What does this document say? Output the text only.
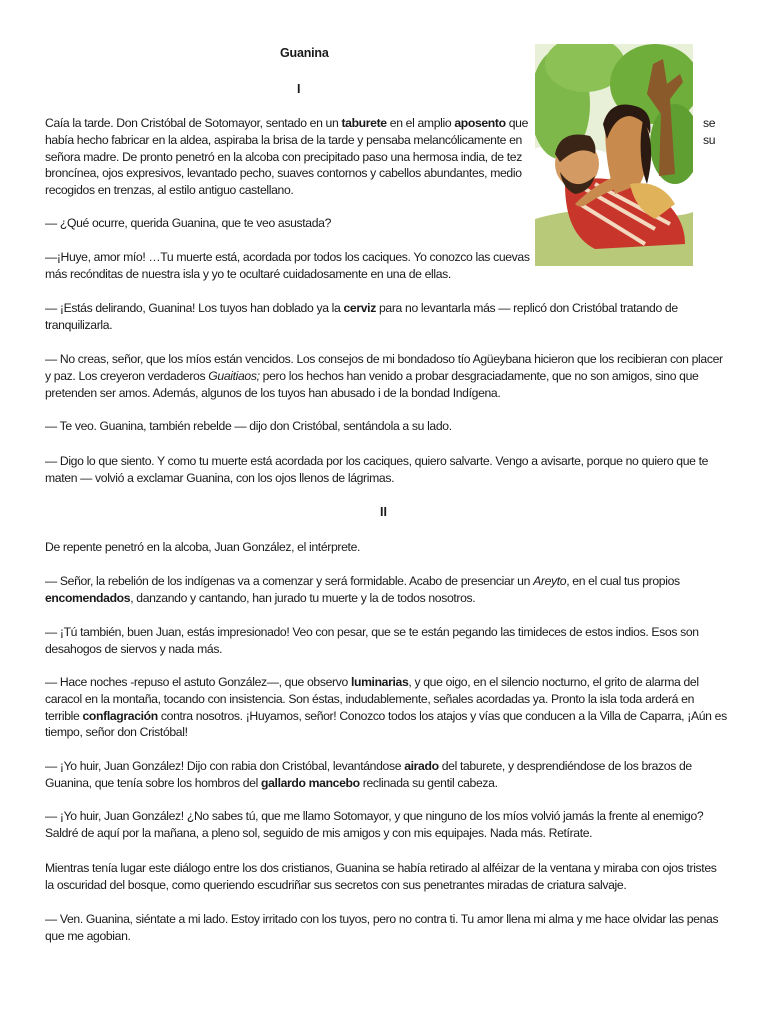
Guanina
I
Caía la tarde. Don Cristóbal de Sotomayor, sentado en un taburete en el amplio aposento que	se
había hecho fabricar en la aldea, aspiraba la brisa de la tarde y pensaba melancólicamente en	su
señora madre. De pronto penetró en la alcoba con precipitado paso una hermosa india, de tez
broncínea, ojos expresivos, levantado pecho, suaves contornos y cabellos abundantes, medio
recogidos en trenzas, al estilo antiguo castellano.
— ¿Qué ocurre, querida Guanina, que te veo asustada?
—¡Huye, amor mío! …Tu muerte está, acordada por todos los caciques. Yo conozco las cuevas
más recónditas de nuestra isla y yo te ocultaré cuidadosamente en una de ellas.
— ¡Estás delirando, Guanina! Los tuyos han doblado ya la cerviz para no levantarla más — replicó don Cristóbal tratando de
tranquilizarla.
— No creas, señor, que los míos están vencidos. Los consejos de mi bondadoso tío Agüeybana hicieron que los recibieran con placer
y paz. Los creyeron verdaderos Guaitiaos; pero los hechos han venido a probar desgraciadamente, que no son amigos, sino que
pretenden ser amos. Además, algunos de los tuyos han abusado i de la bondad Indígena.
— Te veo. Guanina, también rebelde — dijo don Cristóbal, sentándola a su lado.
— Digo lo que siento. Y como tu muerte está acordada por los caciques, quiero salvarte. Vengo a avisarte, porque no quiero que te
maten — volvió a exclamar Guanina, con los ojos llenos de lágrimas.
II
De repente penetró en la alcoba, Juan González, el intérprete.
— Señor, la rebelión de los indígenas va a comenzar y será formidable. Acabo de presenciar un Areyto, en el cual tus propios
encomendados, danzando y cantando, han jurado tu muerte y la de todos nosotros.
— ¡Tú también, buen Juan, estás impresionado! Veo con pesar, que se te están pegando las timideces de estos indios. Esos son
desahogos de siervos y nada más.
— Hace noches -repuso el astuto González—, que observo luminarias, y que oigo, en el silencio nocturno, el grito de alarma del
caracol en la montaña, tocando con insistencia. Son éstas, indudablemente, señales acordadas ya. Pronto la isla toda arderá en
terrible conflagración contra nosotros. ¡Huyamos, señor! Conozco todos los atajos y vías que conducen a la Villa de Caparra, ¡Aún es
tiempo, señor don Cristóbal!
— ¡Yo huir, Juan González! Dijo con rabia don Cristóbal, levantándose airado del taburete, y desprendiéndose de los brazos de
Guanina, que tenía sobre los hombros del gallardo mancebo reclinada su gentil cabeza.
— ¡Yo huir, Juan González! ¿No sabes tú, que me llamo Sotomayor, y que ninguno de los míos volvió jamás la frente al enemigo?
Saldré de aquí por la mañana, a pleno sol, seguido de mis amigos y con mis equipajes. Nada más. Retírate.
Mientras tenía lugar este diálogo entre los dos cristianos, Guanina se había retirado al alféizar de la ventana y miraba con ojos tristes
la oscuridad del bosque, como queriendo escudriñar sus secretos con sus penetrantes miradas de criatura salvaje.
— Ven. Guanina, siéntate a mi lado. Estoy irritado con los tuyos, pero no contra ti. Tu amor llena mi alma y me hace olvidar las penas
que me agobian.
